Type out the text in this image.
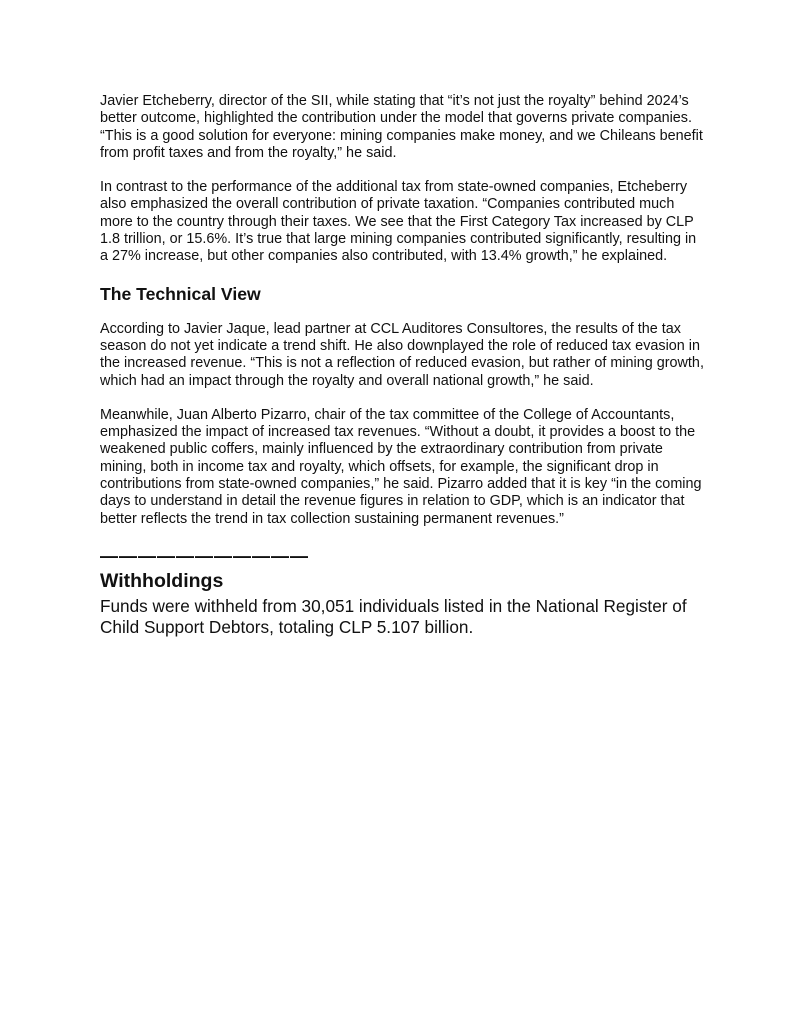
Javier Etcheberry, director of the SII, while stating that “it’s not just the royalty” behind 2024’s better outcome, highlighted the contribution under the model that governs private companies. “This is a good solution for everyone: mining companies make money, and we Chileans benefit from profit taxes and from the royalty,” he said.

In contrast to the performance of the additional tax from state-owned companies, Etcheberry also emphasized the overall contribution of private taxation. “Companies contributed much more to the country through their taxes. We see that the First Category Tax increased by CLP 1.8 trillion, or 15.6%. It’s true that large mining companies contributed significantly, resulting in a 27% increase, but other companies also contributed, with 13.4% growth,” he explained.

The Technical View

According to Javier Jaque, lead partner at CCL Auditores Consultores, the results of the tax season do not yet indicate a trend shift. He also downplayed the role of reduced tax evasion in the increased revenue. “This is not a reflection of reduced evasion, but rather of mining growth, which had an impact through the royalty and overall national growth,” he said.

Meanwhile, Juan Alberto Pizarro, chair of the tax committee of the College of Accountants, emphasized the impact of increased tax revenues. “Without a doubt, it provides a boost to the weakened public coffers, mainly influenced by the extraordinary contribution from private mining, both in income tax and royalty, which offsets, for example, the significant drop in contributions from state-owned companies,” he said. Pizarro added that it is key “in the coming days to understand in detail the revenue figures in relation to GDP, which is an indicator that better reflects the trend in tax collection sustaining permanent revenues.”

———————————
Withholdings

Funds were withheld from 30,051 individuals listed in the National Register of Child Support Debtors, totaling CLP 5.107 billion.
